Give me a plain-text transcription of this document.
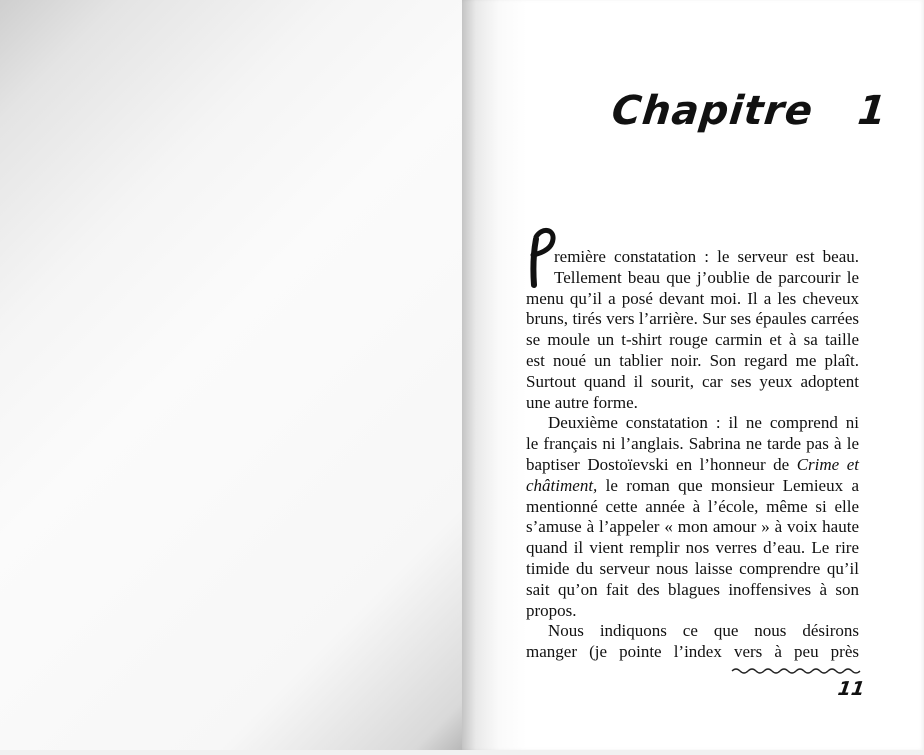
Chapitre 1
P
remière constatation : le serveur est beau.
Tellement beau que j’oublie de parcourir le
menu qu’il a posé devant moi. Il a les cheveux
bruns, tirés vers l’arrière. Sur ses épaules carrées
se moule un t-shirt rouge carmin et à sa taille
est noué un tablier noir. Son regard me plaît.
Surtout quand il sourit, car ses yeux adoptent
une autre forme.
Deuxième constatation : il ne comprend ni
le français ni l’anglais. Sabrina ne tarde pas à le
baptiser Dostoïevski en l’honneur de Crime et
châtiment, le roman que monsieur Lemieux a
mentionné cette année à l’école, même si elle
s’amuse à l’appeler « mon amour » à voix haute
quand il vient remplir nos verres d’eau. Le rire
timide du serveur nous laisse comprendre qu’il
sait qu’on fait des blagues inoffensives à son
propos.
Nous indiquons ce que nous désirons
manger (je pointe l’index vers à peu près
11
